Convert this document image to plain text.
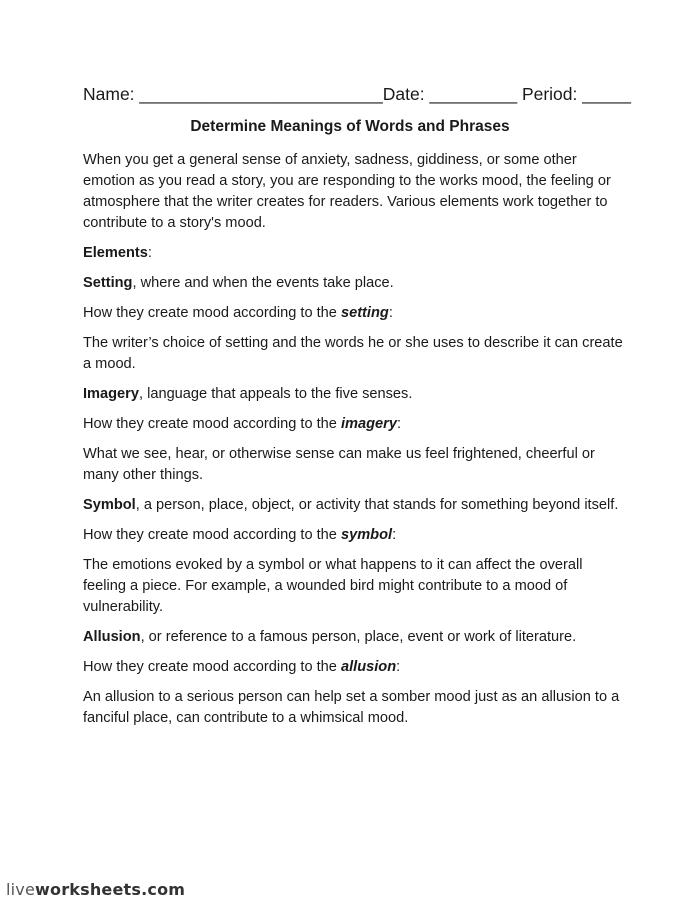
Name: _________________________Date: _________ Period: _____
Determine Meanings of Words and Phrases

When you get a general sense of anxiety, sadness, giddiness, or some other emotion as you read a story, you are responding to the works mood, the feeling or atmosphere that the writer creates for readers. Various elements work together to contribute to a story's mood.

Elements:

Setting, where and when the events take place.

How they create mood according to the setting:

The writer’s choice of setting and the words he or she uses to describe it can create a mood.

Imagery, language that appeals to the five senses.

How they create mood according to the imagery:

What we see, hear, or otherwise sense can make us feel frightened, cheerful or many other things.

Symbol, a person, place, object, or activity that stands for something beyond itself.

How they create mood according to the symbol:

The emotions evoked by a symbol or what happens to it can affect the overall feeling a piece. For example, a wounded bird might contribute to a mood of vulnerability.

Allusion, or reference to a famous person, place, event or work of literature.

How they create mood according to the allusion:

An allusion to a serious person can help set a somber mood just as an allusion to a fanciful place, can contribute to a whimsical mood.

liveworksheets.com
